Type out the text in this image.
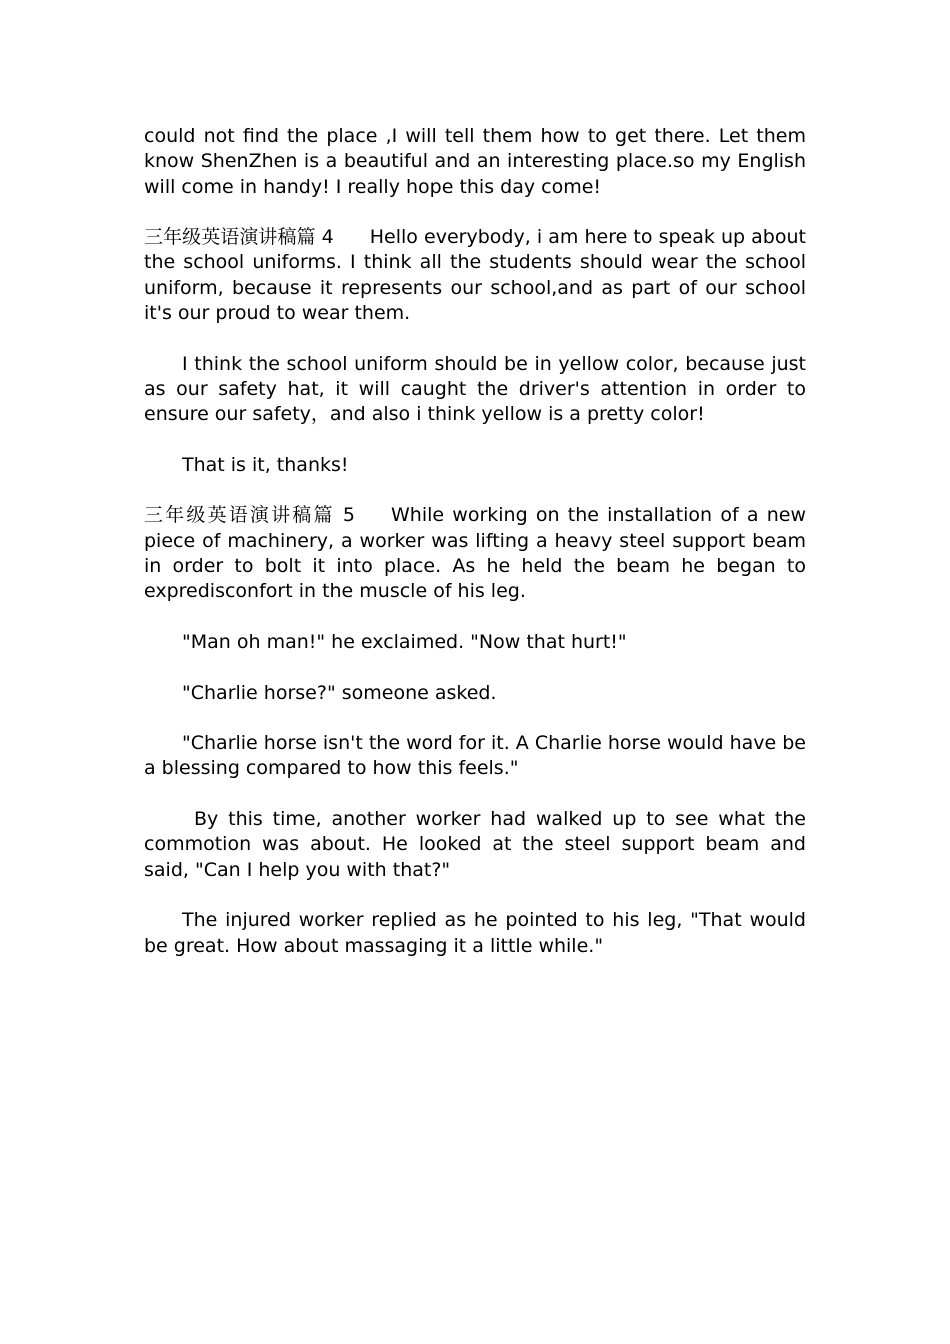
could not find the place ,I will tell them how to get there. Let them know ShenZhen is a beautiful and an interesting place.so my English will come in handy! I really hope this day come!

三年级英语演讲稿篇 4 Hello everybody, i am here to speak up about the school uniforms. I think all the students should wear the school uniform, because it represents our school,and as part of our school it's our proud to wear them.

I think the school uniform should be in yellow color, because just as our safety hat, it will caught the driver's attention in order to ensure our safety，and also i think yellow is a pretty color!

That is it, thanks!

三年级英语演讲稿篇 5 While working on the installation of a new piece of machinery, a worker was lifting a heavy steel support beam in order to bolt it into place. As he held the beam he began to expredisconfort in the muscle of his leg.

"Man oh man!" he exclaimed. "Now that hurt!"

"Charlie horse?" someone asked.

"Charlie horse isn't the word for it. A Charlie horse would have be a blessing compared to how this feels."

By this time, another worker had walked up to see what the commotion was about. He looked at the steel support beam and said, "Can I help you with that?"

The injured worker replied as he pointed to his leg, "That would be great. How about massaging it a little while."
